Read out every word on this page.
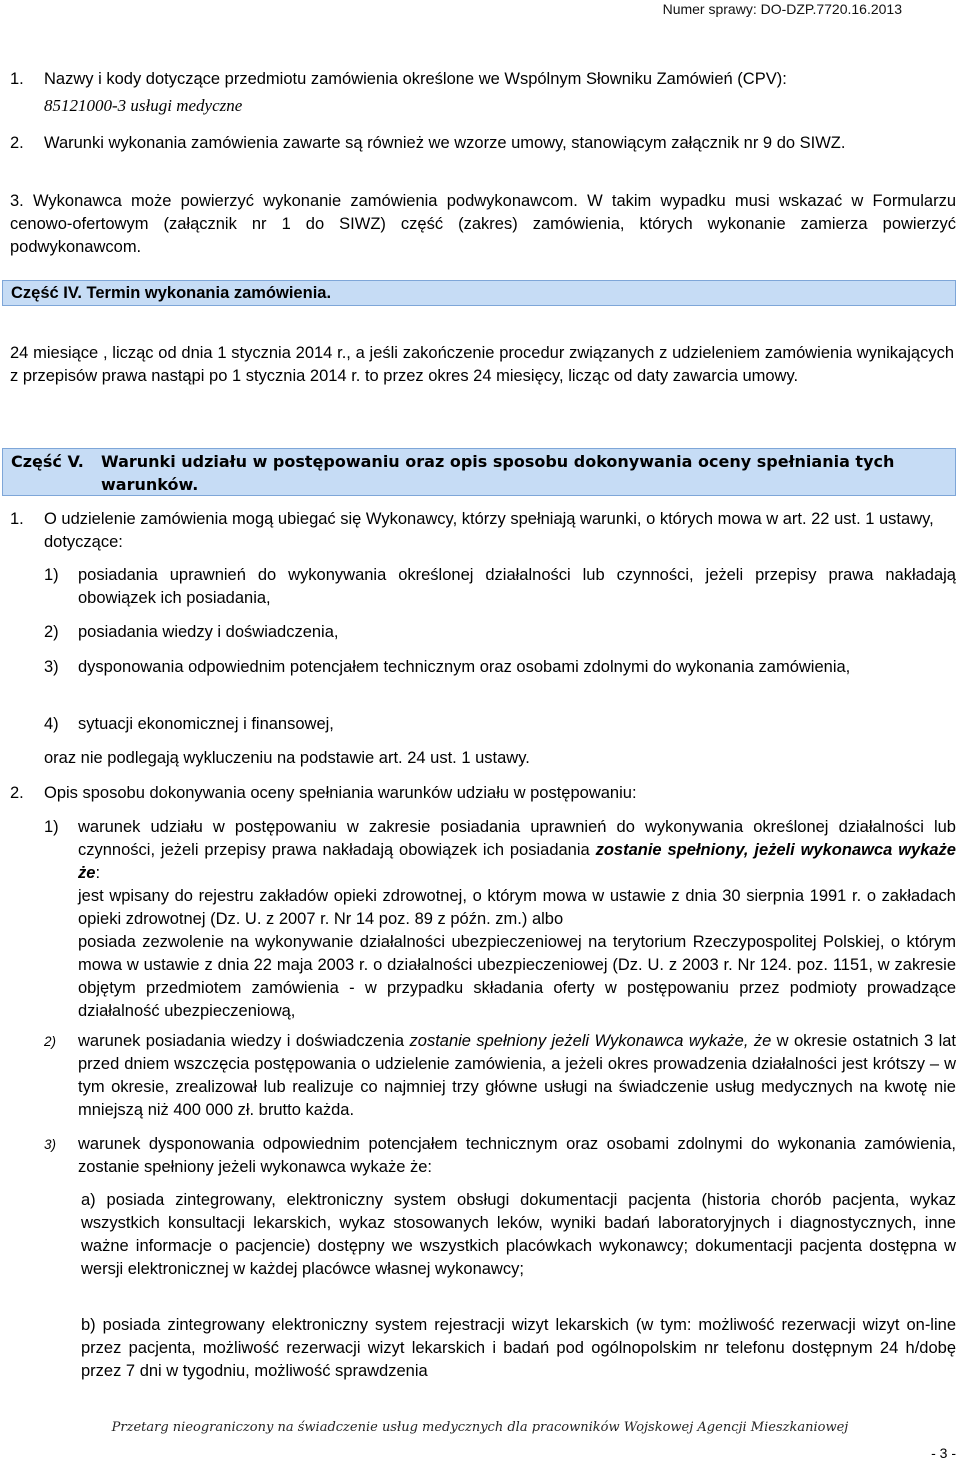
Numer sprawy: DO-DZP.7720.16.2013
1.	Nazwy i kody dotyczące przedmiotu zamówienia określone we Wspólnym Słowniku Zamówień (CPV):
85121000-3 usługi medyczne
2.	Warunki wykonania zamówienia zawarte są również we wzorze umowy, stanowiącym załącznik nr 9 do SIWZ.
3. Wykonawca może powierzyć wykonanie zamówienia podwykonawcom. W takim wypadku musi wskazać w Formularzu cenowo-ofertowym (załącznik nr 1 do SIWZ) część (zakres) zamówienia, których wykonanie zamierza powierzyć podwykonawcom.
Część IV. Termin wykonania zamówienia.
24 miesiące , licząc od dnia 1 stycznia 2014 r., a jeśli zakończenie procedur związanych z udzieleniem zamówienia wynikających z przepisów prawa nastąpi po 1 stycznia 2014 r. to przez okres 24 miesięcy, licząc od daty zawarcia umowy.
Część V.	Warunki udziału w postępowaniu oraz opis sposobu dokonywania oceny spełniania tych warunków.
1.	O udzielenie zamówienia mogą ubiegać się Wykonawcy, którzy spełniają warunki, o których mowa w art. 22 ust. 1 ustawy, dotyczące:
1)	posiadania uprawnień do wykonywania określonej działalności lub czynności, jeżeli przepisy prawa nakładają obowiązek ich posiadania,
2)	posiadania wiedzy i doświadczenia,
3)	dysponowania odpowiednim potencjałem technicznym oraz osobami zdolnymi do wykonania zamówienia,
4)	sytuacji ekonomicznej i finansowej,
oraz nie podlegają wykluczeniu na podstawie art. 24 ust. 1 ustawy.
2.	Opis sposobu dokonywania oceny spełniania warunków udziału w postępowaniu:
1)	warunek udziału w postępowaniu w zakresie posiadania uprawnień do wykonywania określonej działalności lub czynności, jeżeli przepisy prawa nakładają obowiązek ich posiadania zostanie spełniony, jeżeli wykonawca wykaże że:
jest wpisany do rejestru zakładów opieki zdrowotnej, o którym mowa w ustawie z dnia 30 sierpnia 1991 r. o zakładach opieki zdrowotnej (Dz. U. z 2007 r. Nr 14 poz. 89 z późn. zm.) albo
posiada zezwolenie na wykonywanie działalności ubezpieczeniowej na terytorium Rzeczypospolitej Polskiej, o którym mowa w ustawie z dnia 22 maja 2003 r. o działalności ubezpieczeniowej (Dz. U. z 2003 r. Nr 124. poz. 1151, w zakresie objętym przedmiotem zamówienia - w przypadku składania oferty w postępowaniu przez podmioty prowadzące działalność ubezpieczeniową,
2)	warunek posiadania wiedzy i doświadczenia zostanie spełniony jeżeli Wykonawca wykaże, że w okresie ostatnich 3 lat przed dniem wszczęcia postępowania o udzielenie zamówienia, a jeżeli okres prowadzenia działalności jest krótszy – w tym okresie, zrealizował lub realizuje co najmniej trzy główne usługi na świadczenie usług medycznych na kwotę nie mniejszą niż 400 000 zł. brutto każda.
3)	warunek dysponowania odpowiednim potencjałem technicznym oraz osobami zdolnymi do wykonania zamówienia, zostanie spełniony jeżeli wykonawca wykaże że:
a) posiada zintegrowany, elektroniczny system obsługi dokumentacji pacjenta (historia chorób pacjenta, wykaz wszystkich konsultacji lekarskich, wykaz stosowanych leków, wyniki badań laboratoryjnych i diagnostycznych, inne ważne informacje o pacjencie) dostępny we wszystkich placówkach wykonawcy; dokumentacji pacjenta dostępna w wersji elektronicznej w każdej placówce własnej wykonawcy;
b) posiada zintegrowany elektroniczny system rejestracji wizyt lekarskich (w tym: możliwość rezerwacji wizyt on-line przez pacjenta, możliwość rezerwacji wizyt lekarskich i badań pod ogólnopolskim nr telefonu dostępnym 24 h/dobę przez 7 dni w tygodniu, możliwość sprawdzenia
Przetarg nieograniczony na świadczenie usług medycznych dla pracowników Wojskowej Agencji Mieszkaniowej
- 3 -
